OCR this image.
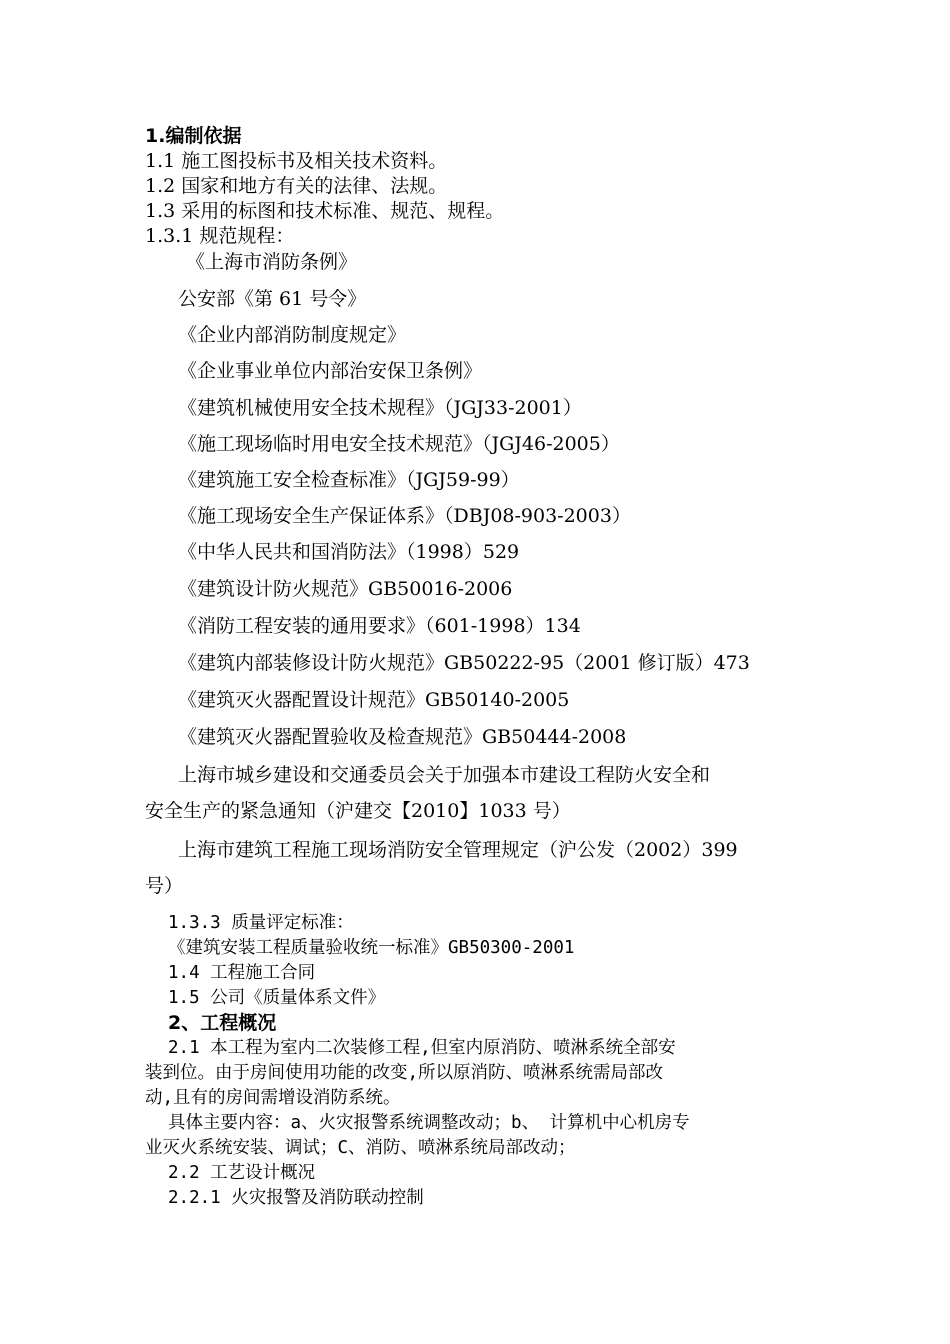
1.编制依据
1.1 施工图投标书及相关技术资料。
1.2 国家和地方有关的法律、法规。
1.3 采用的标图和技术标准、规范、规程。
1.3.1 规范规程：
《上海市消防条例》
公安部《第 61 号令》
《企业内部消防制度规定》
《企业事业单位内部治安保卫条例》
《建筑机械使用安全技术规程》（JGJ33-2001）
《施工现场临时用电安全技术规范》（JGJ46-2005）
《建筑施工安全检查标准》（JGJ59-99）
《施工现场安全生产保证体系》（DBJ08-903-2003）
《中华人民共和国消防法》（1998）529
《建筑设计防火规范》GB50016-2006
《消防工程安装的通用要求》（601-1998）134
《建筑内部装修设计防火规范》GB50222-95（2001 修订版）473
《建筑灭火器配置设计规范》GB50140-2005
《建筑灭火器配置验收及检查规范》GB50444-2008
上海市城乡建设和交通委员会关于加强本市建设工程防火安全和
安全生产的紧急通知（沪建交【2010】1033 号）
上海市建筑工程施工现场消防安全管理规定（沪公发（2002）399
号）
1.3.3 质量评定标准：
《建筑安装工程质量验收统一标准》GB50300-2001
1.4 工程施工合同
1.5 公司《质量体系文件》
2、工程概况
2.1 本工程为室内二次装修工程,但室内原消防、喷淋系统全部安
装到位。由于房间使用功能的改变,所以原消防、喷淋系统需局部改
动,且有的房间需增设消防系统。
具体主要内容：a、火灾报警系统调整改动；b、 计算机中心机房专
业灭火系统安装、调试；C、消防、喷淋系统局部改动；
2.2 工艺设计概况
2.2.1 火灾报警及消防联动控制
